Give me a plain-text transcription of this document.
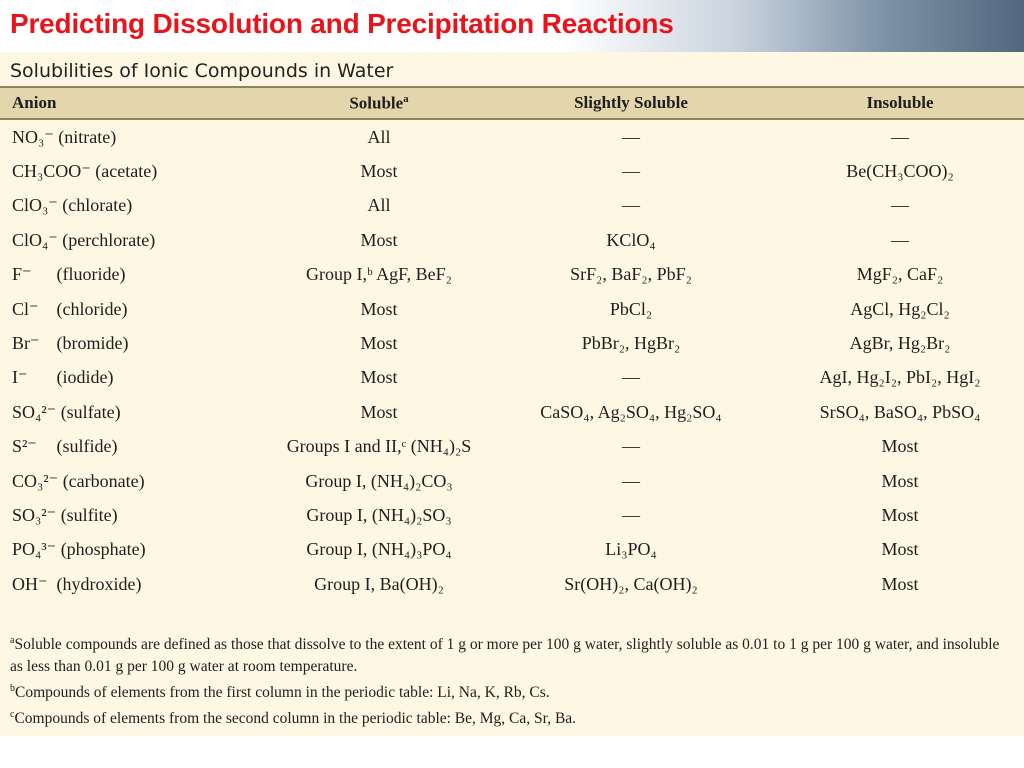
Predicting Dissolution and Precipitation Reactions
Solubilities of Ionic Compounds in Water
Anion	Soluble$^a$	Slightly Soluble	Insoluble
NO₃⁻ (nitrate)	All	—	—
CH₃COO⁻ (acetate)	Most	—	Be(CH₃COO)₂
ClO₃⁻ (chlorate)	All	—	—
ClO₄⁻ (perchlorate)	Most	KClO₄	—
F⁻ (fluoride)	Group I,ᵇ AgF, BeF₂	SrF₂, BaF₂, PbF₂	MgF₂, CaF₂
Cl⁻ (chloride)	Most	PbCl₂	AgCl, Hg₂Cl₂
Br⁻ (bromide)	Most	PbBr₂, HgBr₂	AgBr, Hg₂Br₂
I⁻ (iodide)	Most	—	AgI, Hg₂I₂, PbI₂, HgI₂
SO₄²⁻ (sulfate)	Most	CaSO₄, Ag₂SO₄, Hg₂SO₄	SrSO₄, BaSO₄, PbSO₄
S²⁻ (sulfide)	Groups I and II,ᶜ (NH₄)₂S	—	Most
CO₃²⁻ (carbonate)	Group I, (NH₄)₂CO₃	—	Most
SO₃²⁻ (sulfite)	Group I, (NH₄)₂SO₃	—	Most
PO₄³⁻ (phosphate)	Group I, (NH₄)₃PO₄	Li₃PO₄	Most
OH⁻ (hydroxide)	Group I, Ba(OH)₂	Sr(OH)₂, Ca(OH)₂	Most

$^a$Soluble compounds are defined as those that dissolve to the extent of 1 g or more per 100 g water, slightly soluble as 0.01 to 1 g per 100 g water, and insoluble as less than 0.01 g per 100 g water at room temperature.

$^b$Compounds of elements from the first column in the periodic table: Li, Na, K, Rb, Cs.

$^c$Compounds of elements from the second column in the periodic table: Be, Mg, Ca, Sr, Ba.
